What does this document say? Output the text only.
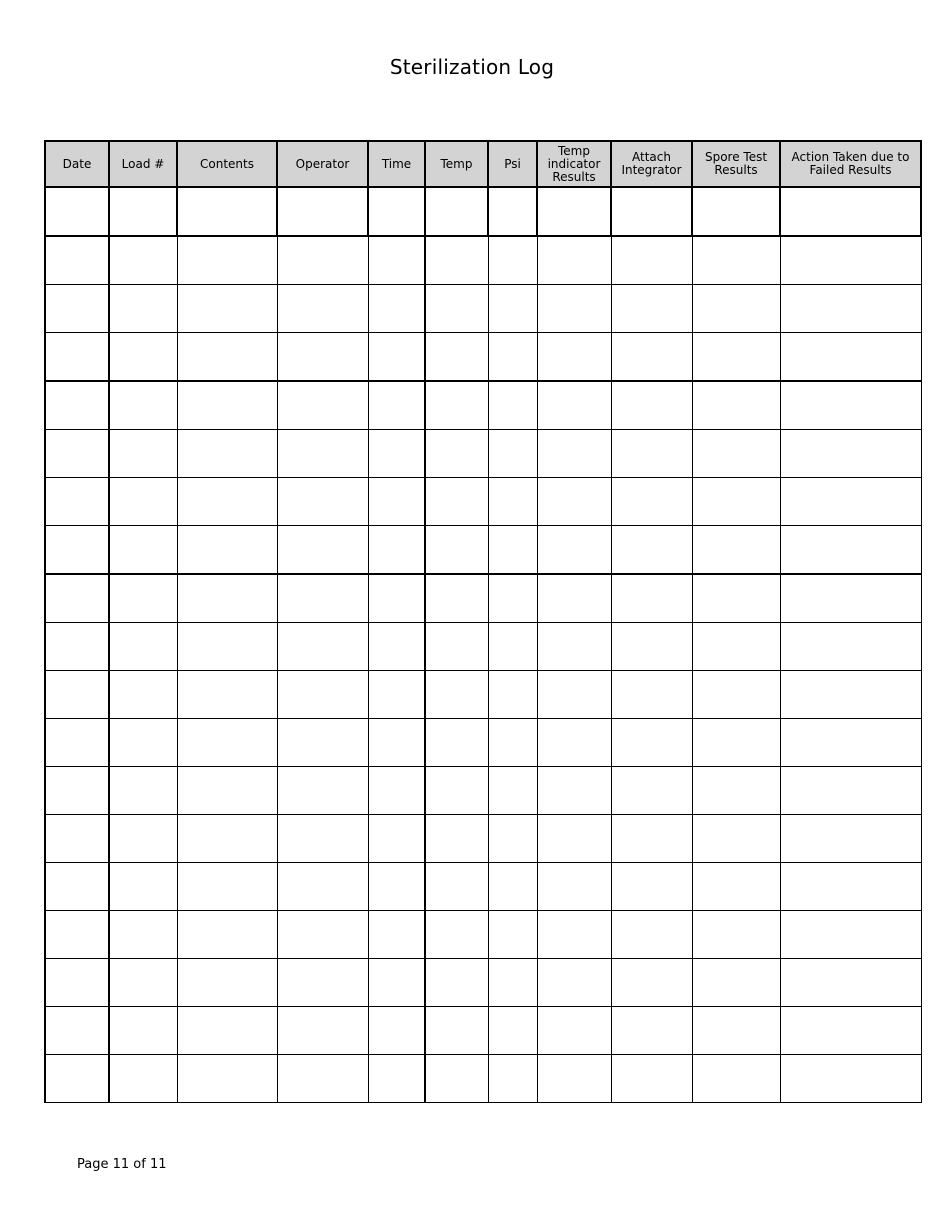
Sterilization Log
Date	Load #	Contents	Operator	Time	Temp	Psi	Temp indicator Results	Attach Integrator	Spore Test Results	Action Taken due to Failed Results

Page 11 of 11
